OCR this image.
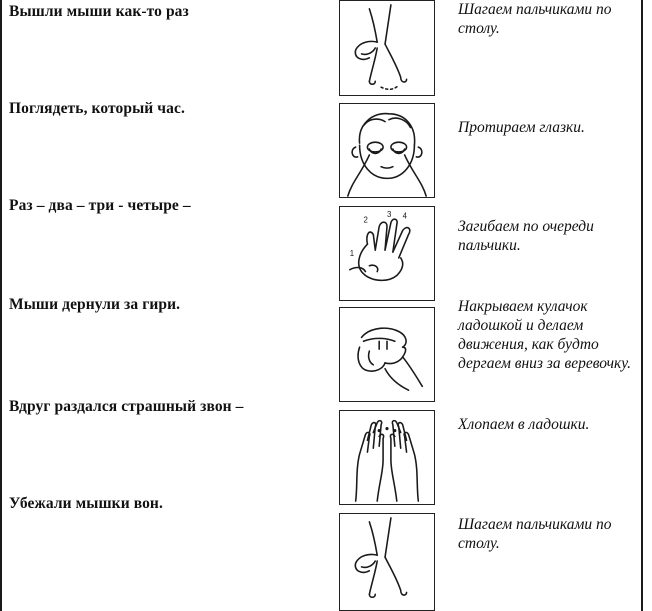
Вышли мыши как-то раз	Шагаем пальчиками по столу.
Поглядеть, который час.
Протираем глазки.
Раз – два – три - четыре –
1
2
3 4
Загибаем по очереди пальчики.
Мыши дернули за гири.	Накрываем кулачок ладошкой и делаем движения, как будто дергаем вниз за веревочку.
Вдруг раздался страшный звон –
Хлопаем в ладошки.
Убежали мышки вон.
Шагаем пальчиками по столу.
